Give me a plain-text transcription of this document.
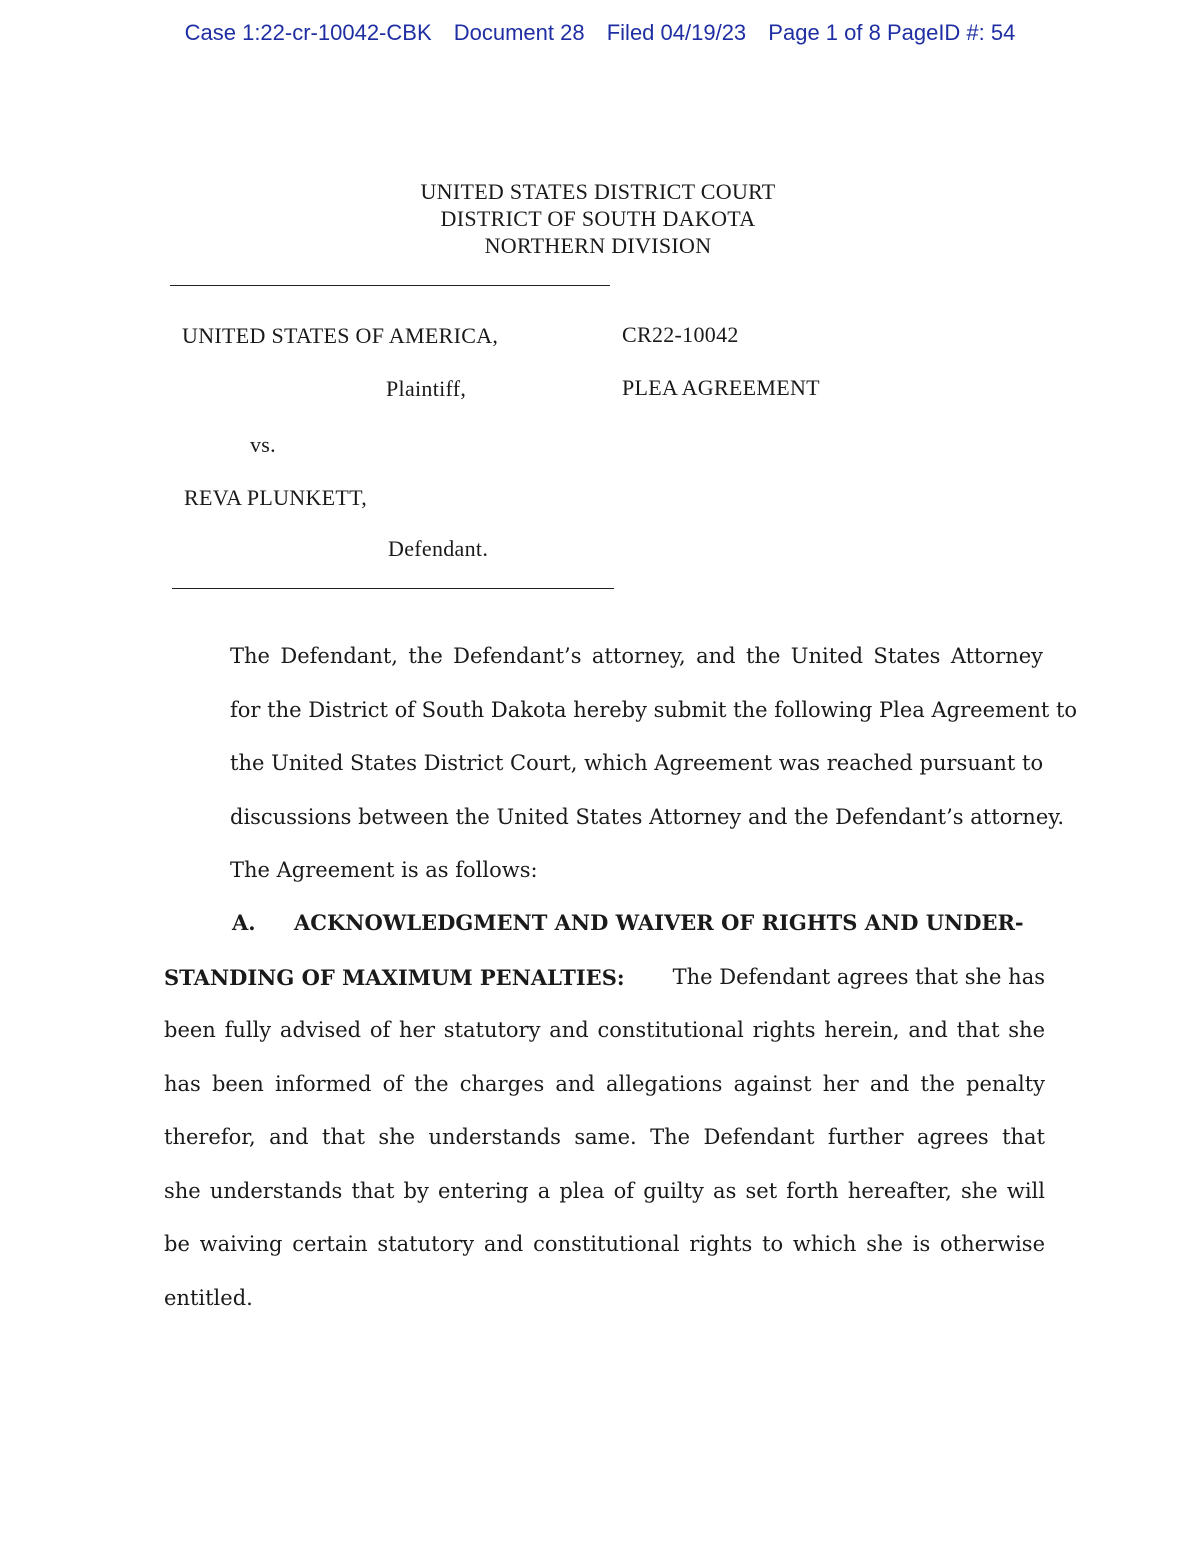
Case 1:22-cr-10042-CBK Document 28 Filed 04/19/23 Page 1 of 8 PageID #: 54
UNITED STATES DISTRICT COURT
DISTRICT OF SOUTH DAKOTA
NORTHERN DIVISION
UNITED STATES OF AMERICA,
Plaintiff,
vs.
REVA PLUNKETT,
Defendant.
CR22-10042
PLEA AGREEMENT
The Defendant, the Defendant’s attorney, and the United States Attorney
for the District of South Dakota hereby submit the following Plea Agreement to
the United States District Court, which Agreement was reached pursuant to
discussions between the United States Attorney and the Defendant’s attorney.
The Agreement is as follows:
A. ACKNOWLEDGMENT AND WAIVER OF RIGHTS AND UNDER-
STANDING OF MAXIMUM PENALTIES: The Defendant agrees that she has
been fully advised of her statutory and constitutional rights herein, and that she
has been informed of the charges and allegations against her and the penalty
therefor, and that she understands same. The Defendant further agrees that
she understands that by entering a plea of guilty as set forth hereafter, she will
be waiving certain statutory and constitutional rights to which she is otherwise
entitled.
